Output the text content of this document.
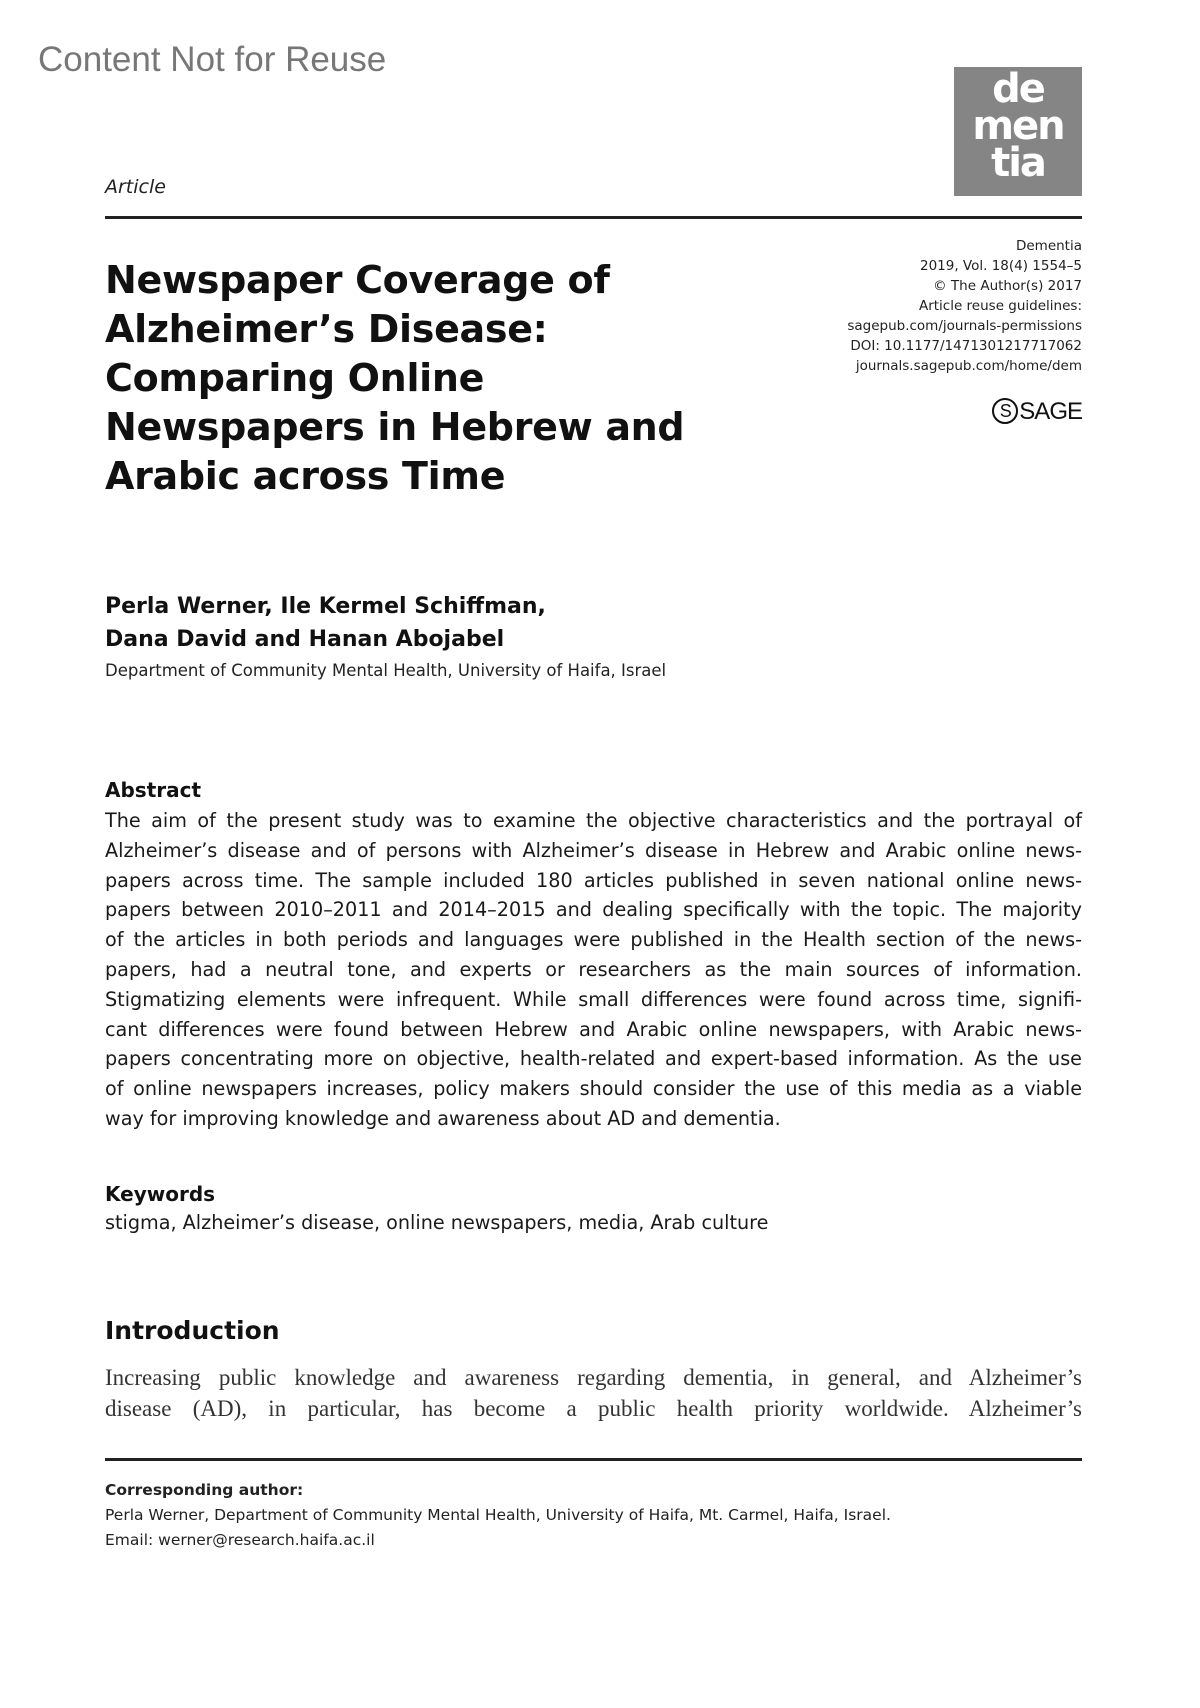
Content Not for Reuse
de
men
tia
Article
Newspaper Coverage of
Alzheimer’s Disease:
Comparing Online
Newspapers in Hebrew and
Arabic across Time
Dementia
2019, Vol. 18(4) 1554–5
© The Author(s) 2017
Article reuse guidelines:
sagepub.com/journals-permissions
DOI: 10.1177/1471301217717062
journals.sagepub.com/home/dem
S SAGE
Perla Werner, Ile Kermel Schiffman,
Dana David and Hanan Abojabel
Department of Community Mental Health, University of Haifa, Israel
Abstract
The aim of the present study was to examine the objective characteristics and the portrayal of
Alzheimer’s disease and of persons with Alzheimer’s disease in Hebrew and Arabic online news-
papers across time. The sample included 180 articles published in seven national online news-
papers between 2010–2011 and 2014–2015 and dealing specifically with the topic. The majority
of the articles in both periods and languages were published in the Health section of the news-
papers, had a neutral tone, and experts or researchers as the main sources of information.
Stigmatizing elements were infrequent. While small differences were found across time, signifi-
cant differences were found between Hebrew and Arabic online newspapers, with Arabic news-
papers concentrating more on objective, health-related and expert-based information. As the use
of online newspapers increases, policy makers should consider the use of this media as a viable
way for improving knowledge and awareness about AD and dementia.
Keywords
stigma, Alzheimer’s disease, online newspapers, media, Arab culture
Introduction
Increasing public knowledge and awareness regarding dementia, in general, and Alzheimer’s
disease (AD), in particular, has become a public health priority worldwide. Alzheimer’s
Corresponding author:
Perla Werner, Department of Community Mental Health, University of Haifa, Mt. Carmel, Haifa, Israel.
Email: werner@research.haifa.ac.il
